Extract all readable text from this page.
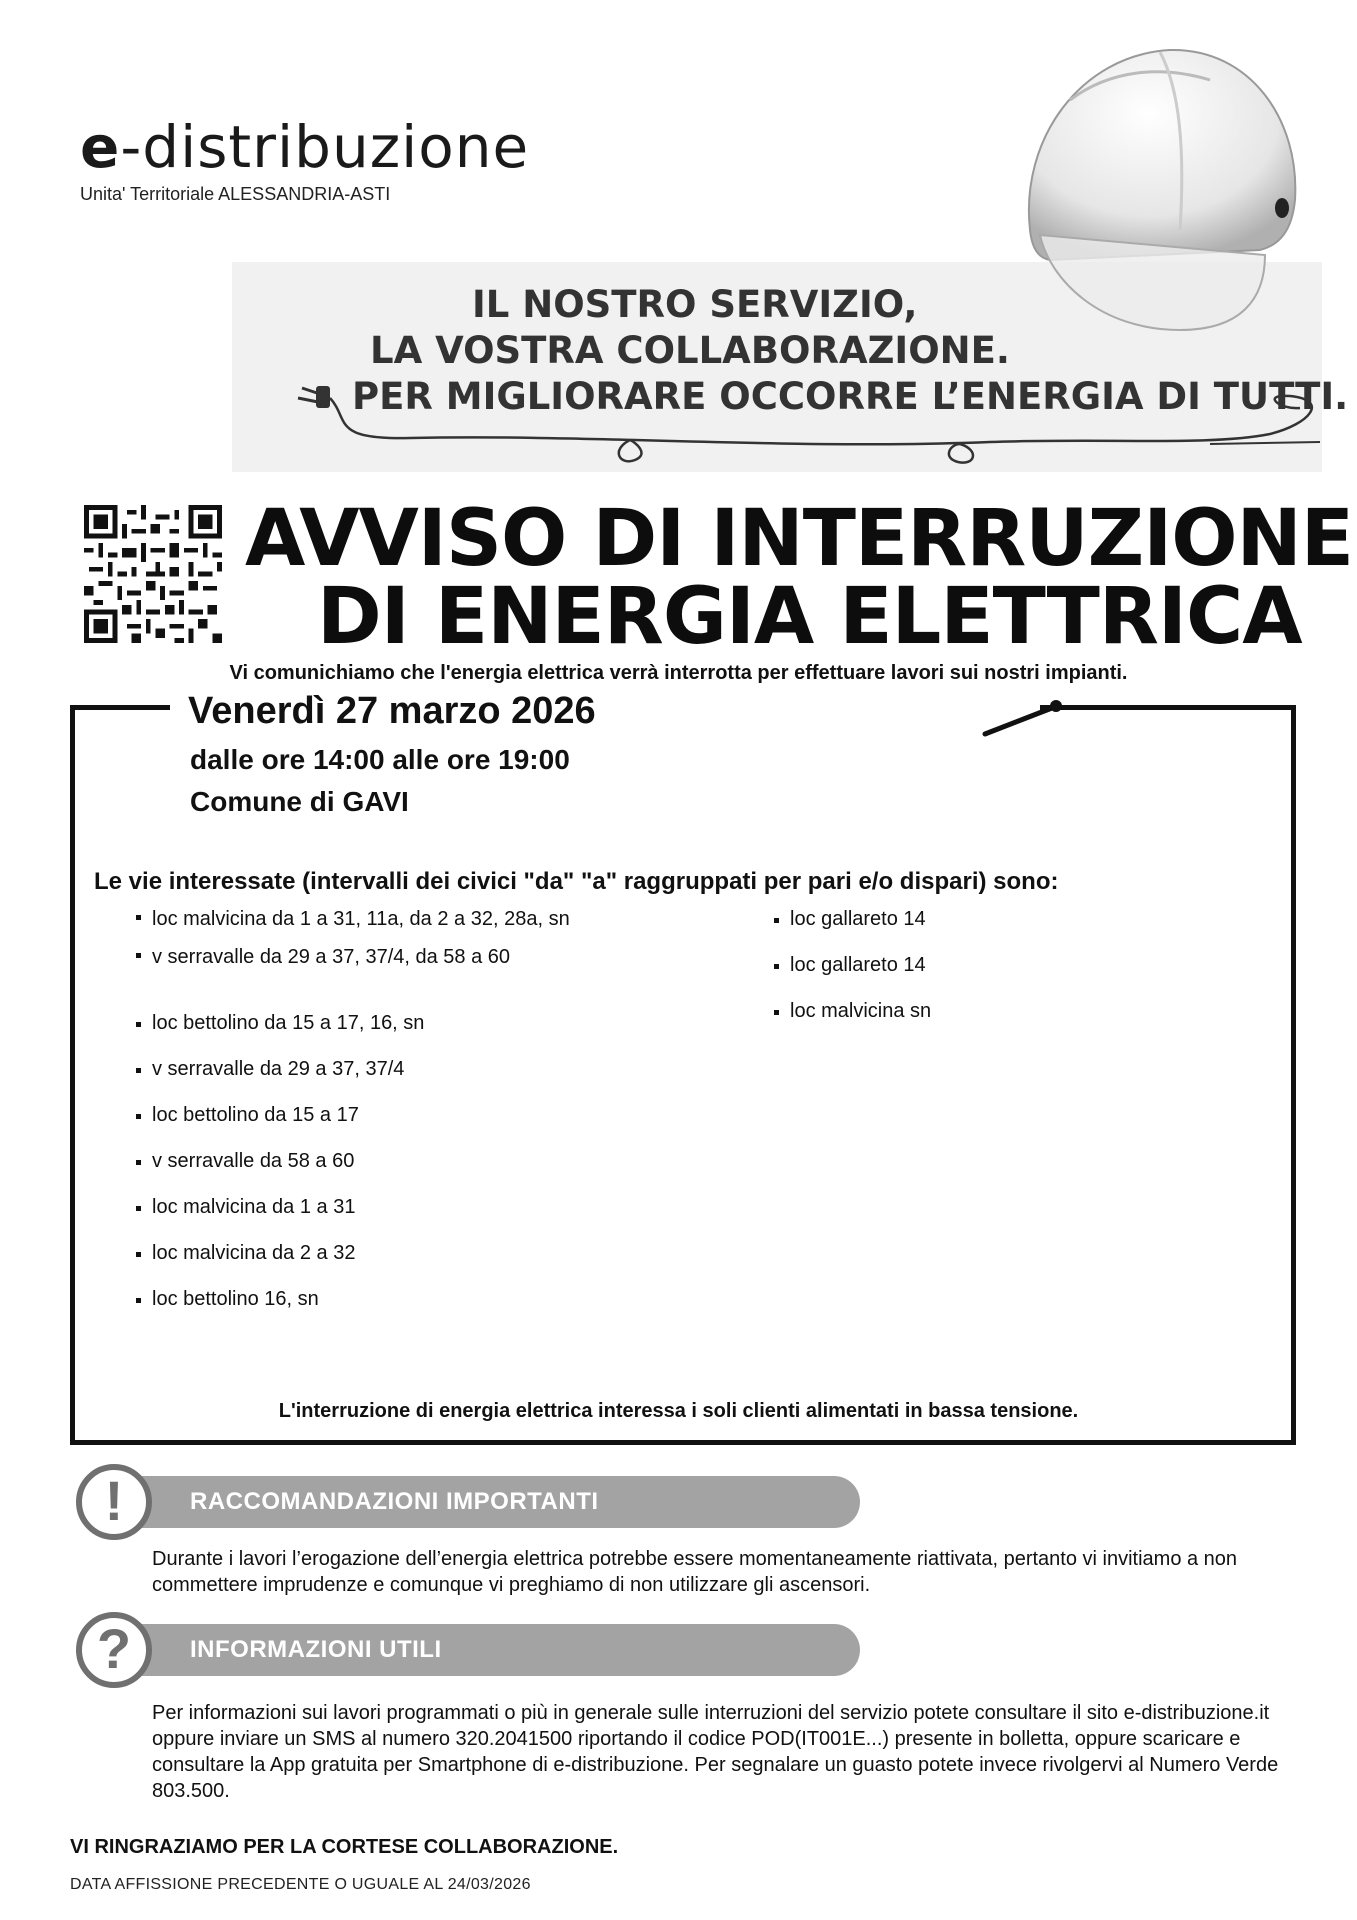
e-distribuzione
Unita' Territoriale ALESSANDRIA-ASTI
IL NOSTRO SERVIZIO,
LA VOSTRA COLLABORAZIONE.
PER MIGLIORARE OCCORRE L’ENERGIA DI TUTTI.
AVVISO DI INTERRUZIONE
DI ENERGIA ELETTRICA
Vi comunichiamo che l'energia elettrica verrà interrotta per effettuare lavori sui nostri impianti.
Venerdì 27 marzo 2026
dalle ore 14:00 alle ore 19:00
Comune di GAVI
Le vie interessate (intervalli dei civici "da" "a" raggruppati per pari e/o dispari) sono:
loc malvicina da 1 a 31, 11a, da 2 a 32, 28a, sn
v serravalle da 29 a 37, 37/4, da 58 a 60
loc bettolino da 15 a 17, 16, sn
v serravalle da 29 a 37, 37/4
loc bettolino da 15 a 17
v serravalle da 58 a 60
loc malvicina da 1 a 31
loc malvicina da 2 a 32
loc bettolino 16, sn
loc gallareto 14
loc gallareto 14
loc malvicina sn
L'interruzione di energia elettrica interessa i soli clienti alimentati in bassa tensione.
!	RACCOMANDAZIONI IMPORTANTI
Durante i lavori l’erogazione dell’energia elettrica potrebbe essere momentaneamente riattivata, pertanto vi invitiamo a non commettere imprudenze e comunque vi preghiamo di non utilizzare gli ascensori.
?	INFORMAZIONI UTILI
Per informazioni sui lavori programmati o più in generale sulle interruzioni del servizio potete consultare il sito e-distribuzione.it oppure inviare un SMS al numero 320.2041500 riportando il codice POD(IT001E...) presente in bolletta, oppure scaricare e consultare la App gratuita per Smartphone di e-distribuzione. Per segnalare un guasto potete invece rivolgervi al Numero Verde 803.500.
VI RINGRAZIAMO PER LA CORTESE COLLABORAZIONE.
DATA AFFISSIONE PRECEDENTE O UGUALE AL 24/03/2026
